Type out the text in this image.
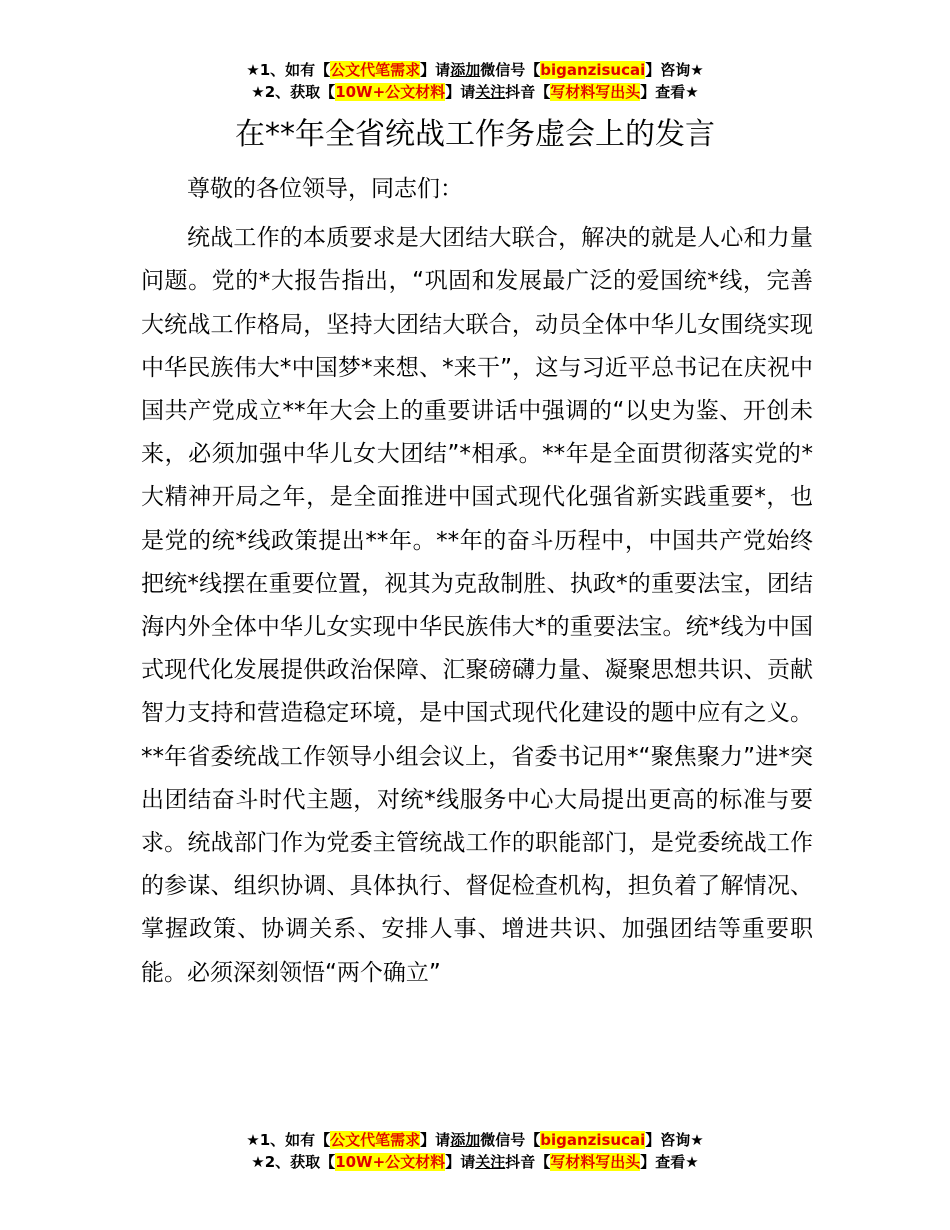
★1、如有【公文代笔需求】请添加微信号【biganzisucai】咨询★
★2、获取【10W+公文材料】请关注抖音【写材料写出头】查看★
在**年全省统战工作务虚会上的发言

尊敬的各位领导，同志们：

统战工作的本质要求是大团结大联合，解决的就是人心和力量问题。党的*大报告指出，“巩固和发展最广泛的爱国统*线，完善大统战工作格局，坚持大团结大联合，动员全体中华儿女围绕实现中华民族伟大*中国梦*来想、*来干”，这与习近平总书记在庆祝中国共产党成立**年大会上的重要讲话中强调的“以史为鉴、开创未来，必须加强中华儿女大团结”*相承。**年是全面贯彻落实党的*大精神开局之年，是全面推进中国式现代化强省新实践重要*，也是党的统*线政策提出**年。**年的奋斗历程中，中国共产党始终把统*线摆在重要位置，视其为克敌制胜、执政*的重要法宝，团结海内外全体中华儿女实现中华民族伟大*的重要法宝。统*线为中国式现代化发展提供政治保障、汇聚磅礴力量、凝聚思想共识、贡献智力支持和营造稳定环境，是中国式现代化建设的题中应有之义。**年省委统战工作领导小组会议上，省委书记用*“聚焦聚力”进*突出团结奋斗时代主题，对统*线服务中心大局提出更高的标准与要求。统战部门作为党委主管统战工作的职能部门，是党委统战工作的参谋、组织协调、具体执行、督促检查机构，担负着了解情况、掌握政策、协调关系、安排人事、增进共识、加强团结等重要职能。必须深刻领悟“两个确立”

★1、如有【公文代笔需求】请添加微信号【biganzisucai】咨询★
★2、获取【10W+公文材料】请关注抖音【写材料写出头】查看★
